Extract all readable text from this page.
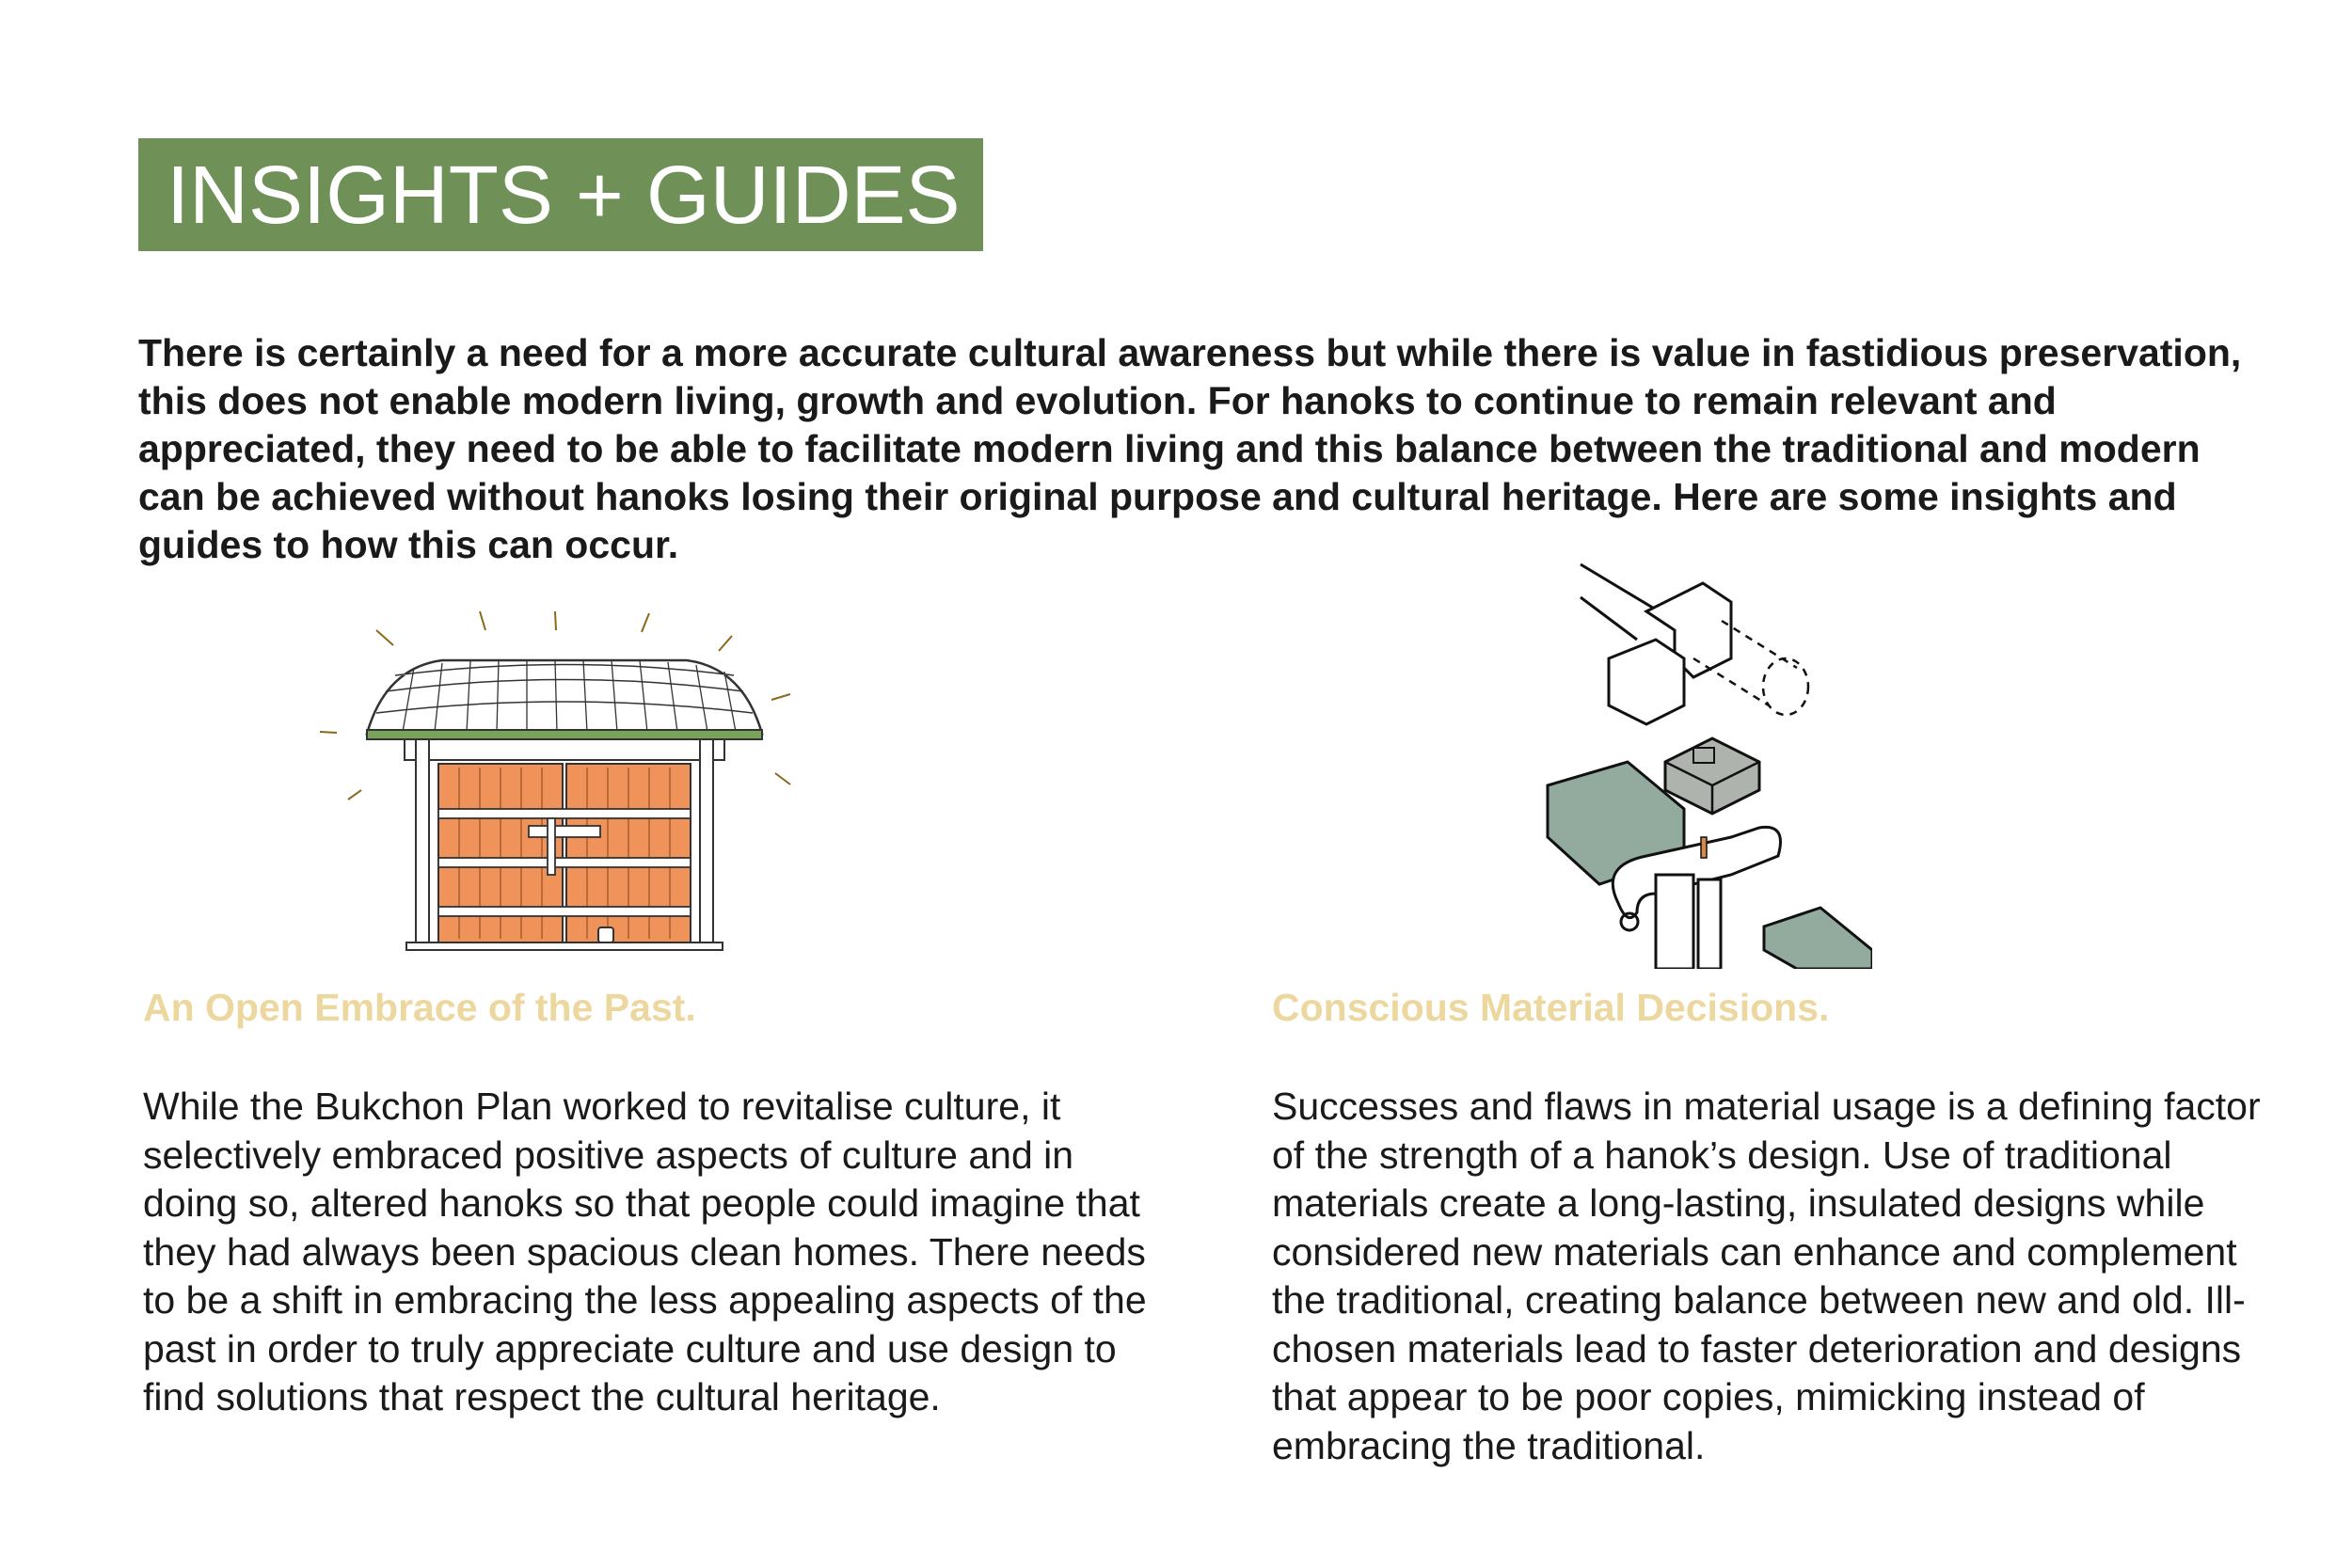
INSIGHTS + GUIDES

There is certainly a need for a more accurate cultural awareness but while there is value in fastidious preservation, this does not enable modern living, growth and evolution. For hanoks to continue to remain relevant and appreciated, they need to be able to facilitate modern living and this balance between the traditional and modern can be achieved without hanoks losing their original purpose and cultural heritage. Here are some insights and guides to how this can occur.

An Open Embrace of the Past.

While the Bukchon Plan worked to revitalise culture, it selectively embraced positive aspects of culture and in doing so, altered hanoks so that people could imagine that they had always been spacious clean homes. There needs to be a shift in embracing the less appealing aspects of the past in order to truly appreciate culture and use design to find solutions that respect the cultural heritage.

Conscious Material Decisions.

Successes and flaws in material usage is a defining factor of the strength of a hanok’s design. Use of traditional materials create a long-lasting, insulated designs while considered new materials can enhance and complement the traditional, creating balance between new and old. Ill-chosen materials lead to faster deterioration and designs that appear to be poor copies, mimicking instead of embracing the traditional.
